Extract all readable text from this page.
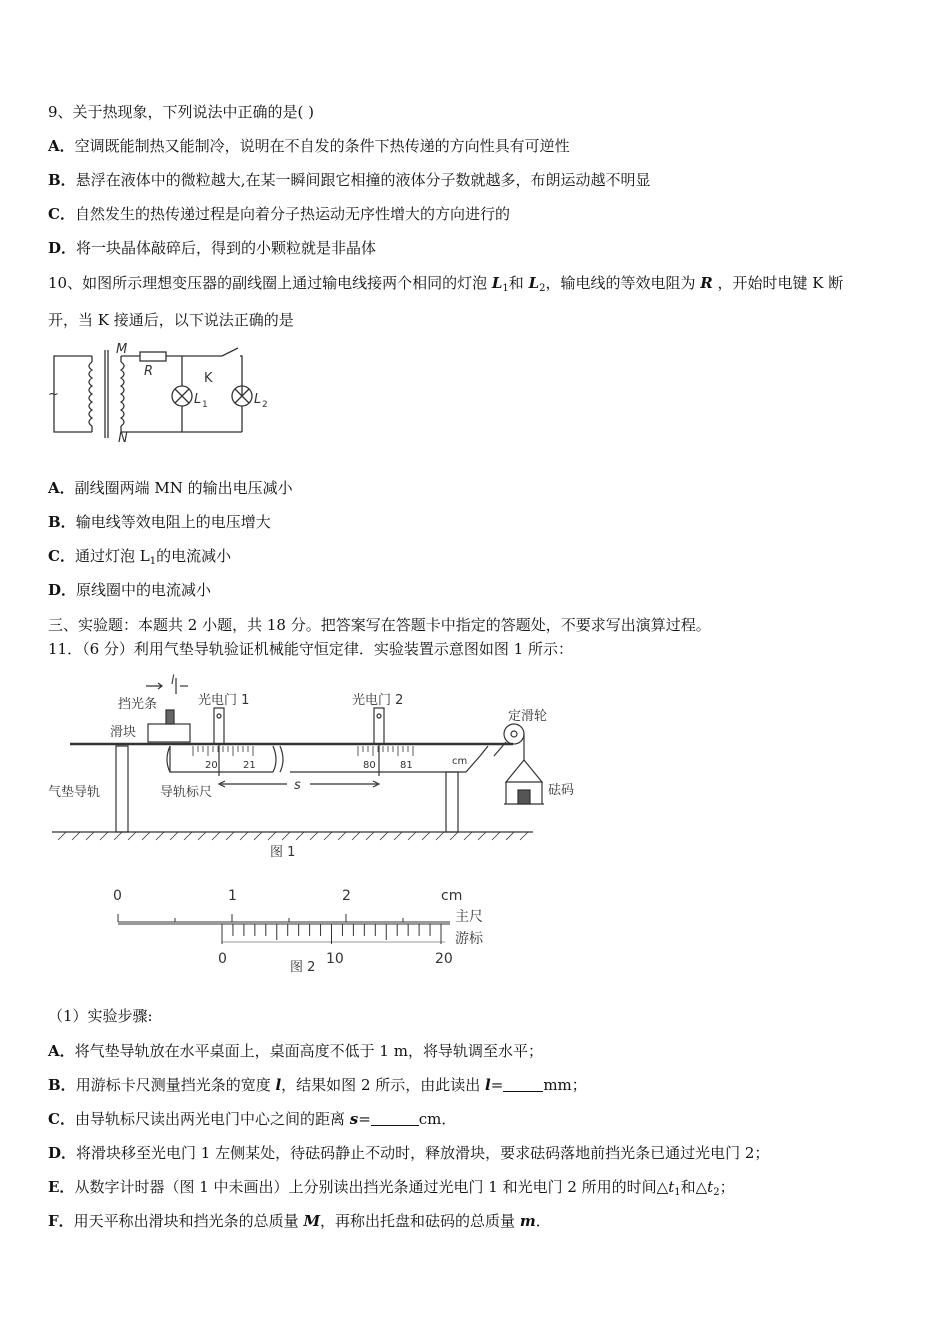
9、关于热现象，下列说法中正确的是( )
A．空调既能制热又能制冷，说明在不自发的条件下热传递的方向性具有可逆性
B．悬浮在液体中的微粒越大,在某一瞬间跟它相撞的液体分子数就越多，布朗运动越不明显
C．自然发生的热传递过程是向着分子热运动无序性增大的方向进行的
D．将一块晶体敲碎后，得到的小颗粒就是非晶体
10、如图所示理想变压器的副线圈上通过输电线接两个相同的灯泡 $L_1$和 $L_2$，输电线的等效电阻为 R ，开始时电键 K 断
开，当 K 接通后，以下说法正确的是
~
M
N
R	K
L 1	L 2
A．副线圈两端 MN 的输出电压减小
B．输电线等效电阻上的电压增大
C．通过灯泡 $L_1$的电流减小
D．原线圈中的电流减小
三、实验题：本题共 2 小题，共 18 分。把答案写在答题卡中指定的答题处，不要求写出演算过程。
11．（6 分）利用气垫导轨验证机械能守恒定律．实验装置示意图如图 1 所示：
挡光条
l
光电门 1	光电门 2
定滑轮
滑块
气垫导轨	导轨标尺	砝码
s
20	21	80 81	cm
图 1
0	1	2	cm
主尺
游标
0	10	20
图 2
（1）实验步骤:
A．将气垫导轨放在水平桌面上，桌面高度不低于 1 m，将导轨调至水平；
B．用游标卡尺测量挡光条的宽度 l，结果如图 2 所示，由此读出 l=	mm；
C．由导轨标尺读出两光电门中心之间的距离 s=	cm．
D．将滑块移至光电门 1 左侧某处，待砝码静止不动时，释放滑块，要求砝码落地前挡光条已通过光电门 2；
E．从数字计时器（图 1 中未画出）上分别读出挡光条通过光电门 1 和光电门 2 所用的时间$\triangle t_1$和$\triangle t_2$；
F．用天平称出滑块和挡光条的总质量 M，再称出托盘和砝码的总质量 m．
